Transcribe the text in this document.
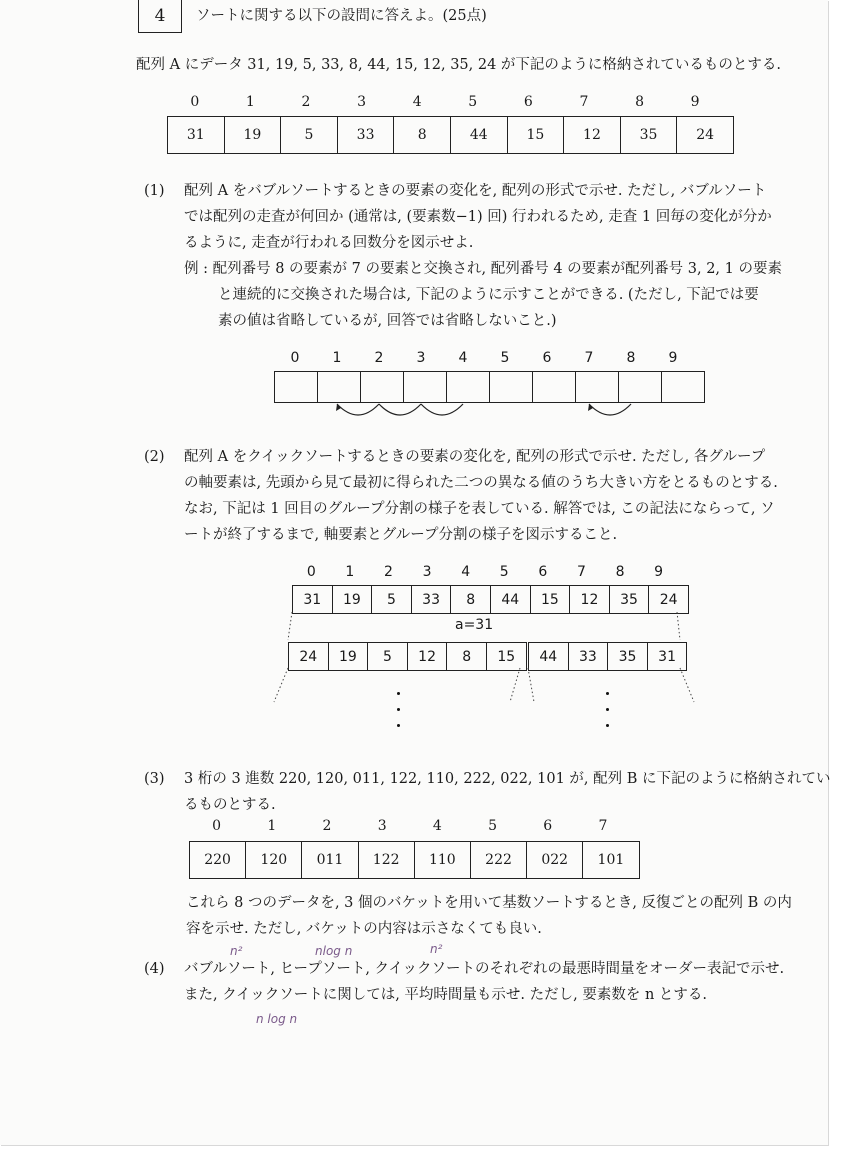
4	ソートに関する以下の設問に答えよ。(25点)
配列 A にデータ 31, 19, 5, 33, 8, 44, 15, 12, 35, 24 が下記のように格納されているものとする.
0	1	2	3	4	5	6	7	8	9
31	19	5	33	8	44	15	12	35	24
(1) 配列 A をバブルソートするときの要素の変化を, 配列の形式で示せ. ただし, バブルソート
では配列の走査が何回か (通常は, (要素数−1) 回) 行われるため, 走査 1 回毎の変化が分か
るように, 走査が行われる回数分を図示せよ.
例 : 配列番号 8 の要素が 7 の要素と交換され, 配列番号 4 の要素が配列番号 3, 2, 1 の要素
と連続的に交換された場合は, 下記のように示すことができる. (ただし, 下記では要
素の値は省略しているが, 回答では省略しないこと.)
0	1	2	3	4	5	6	7	8	9
(2) 配列 A をクイックソートするときの要素の変化を, 配列の形式で示せ. ただし, 各グループ
の軸要素は, 先頭から見て最初に得られた二つの異なる値のうち大きい方をとるものとする.
なお, 下記は 1 回目のグループ分割の様子を表している. 解答では, この記法にならって, ソ
ートが終了するまで, 軸要素とグループ分割の様子を図示すること.
0	1	2	3	4	5	6	7	8	9
31	19	5	33	8	44	15	12	35	24
a=31
24	19	5	12	8	15	44	33	35	31
(3) 3 桁の 3 進数 220, 120, 011, 122, 110, 222, 022, 101 が, 配列 B に下記のように格納されてい
るものとする.
0	1	2	3	4	5	6	7
220	120	011	122	110	222	022	101
これら 8 つのデータを, 3 個のバケットを用いて基数ソートするとき, 反復ごとの配列 B の内
容を示せ. ただし, バケットの内容は示さなくても良い.
n²	nlog n	n²
(4) バブルソート, ヒープソート, クイックソートのそれぞれの最悪時間量をオーダー表記で示せ.
また, クイックソートに関しては, 平均時間量も示せ. ただし, 要素数を n とする.
n log n
